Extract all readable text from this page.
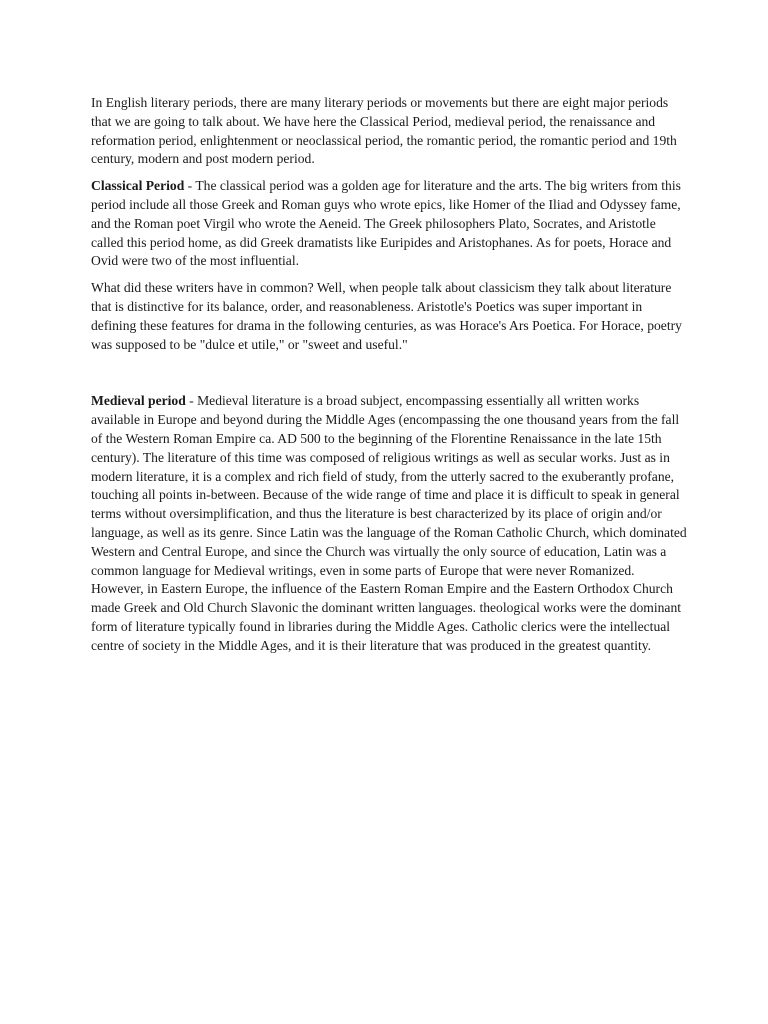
In English literary periods, there are many literary periods or movements but there are eight major periods that we are going to talk about. We have here the Classical Period, medieval period, the renaissance and reformation period, enlightenment or neoclassical period, the romantic period, the romantic period and 19th century, modern and post modern period.

Classical Period - The classical period was a golden age for literature and the arts. The big writers from this period include all those Greek and Roman guys who wrote epics, like Homer of the Iliad and Odyssey fame, and the Roman poet Virgil who wrote the Aeneid. The Greek philosophers Plato, Socrates, and Aristotle called this period home, as did Greek dramatists like Euripides and Aristophanes. As for poets, Horace and Ovid were two of the most influential.

What did these writers have in common? Well, when people talk about classicism they talk about literature that is distinctive for its balance, order, and reasonableness. Aristotle's Poetics was super important in defining these features for drama in the following centuries, as was Horace's Ars Poetica. For Horace, poetry was supposed to be "dulce et utile," or "sweet and useful."

Medieval period - Medieval literature is a broad subject, encompassing essentially all written works available in Europe and beyond during the Middle Ages (encompassing the one thousand years from the fall of the Western Roman Empire ca. AD 500 to the beginning of the Florentine Renaissance in the late 15th century). The literature of this time was composed of religious writings as well as secular works. Just as in modern literature, it is a complex and rich field of study, from the utterly sacred to the exuberantly profane, touching all points in-between. Because of the wide range of time and place it is difficult to speak in general terms without oversimplification, and thus the literature is best characterized by its place of origin and/or language, as well as its genre. Since Latin was the language of the Roman Catholic Church, which dominated Western and Central Europe, and since the Church was virtually the only source of education, Latin was a common language for Medieval writings, even in some parts of Europe that were never Romanized. However, in Eastern Europe, the influence of the Eastern Roman Empire and the Eastern Orthodox Church made Greek and Old Church Slavonic the dominant written languages. theological works were the dominant form of literature typically found in libraries during the Middle Ages. Catholic clerics were the intellectual centre of society in the Middle Ages, and it is their literature that was produced in the greatest quantity.
